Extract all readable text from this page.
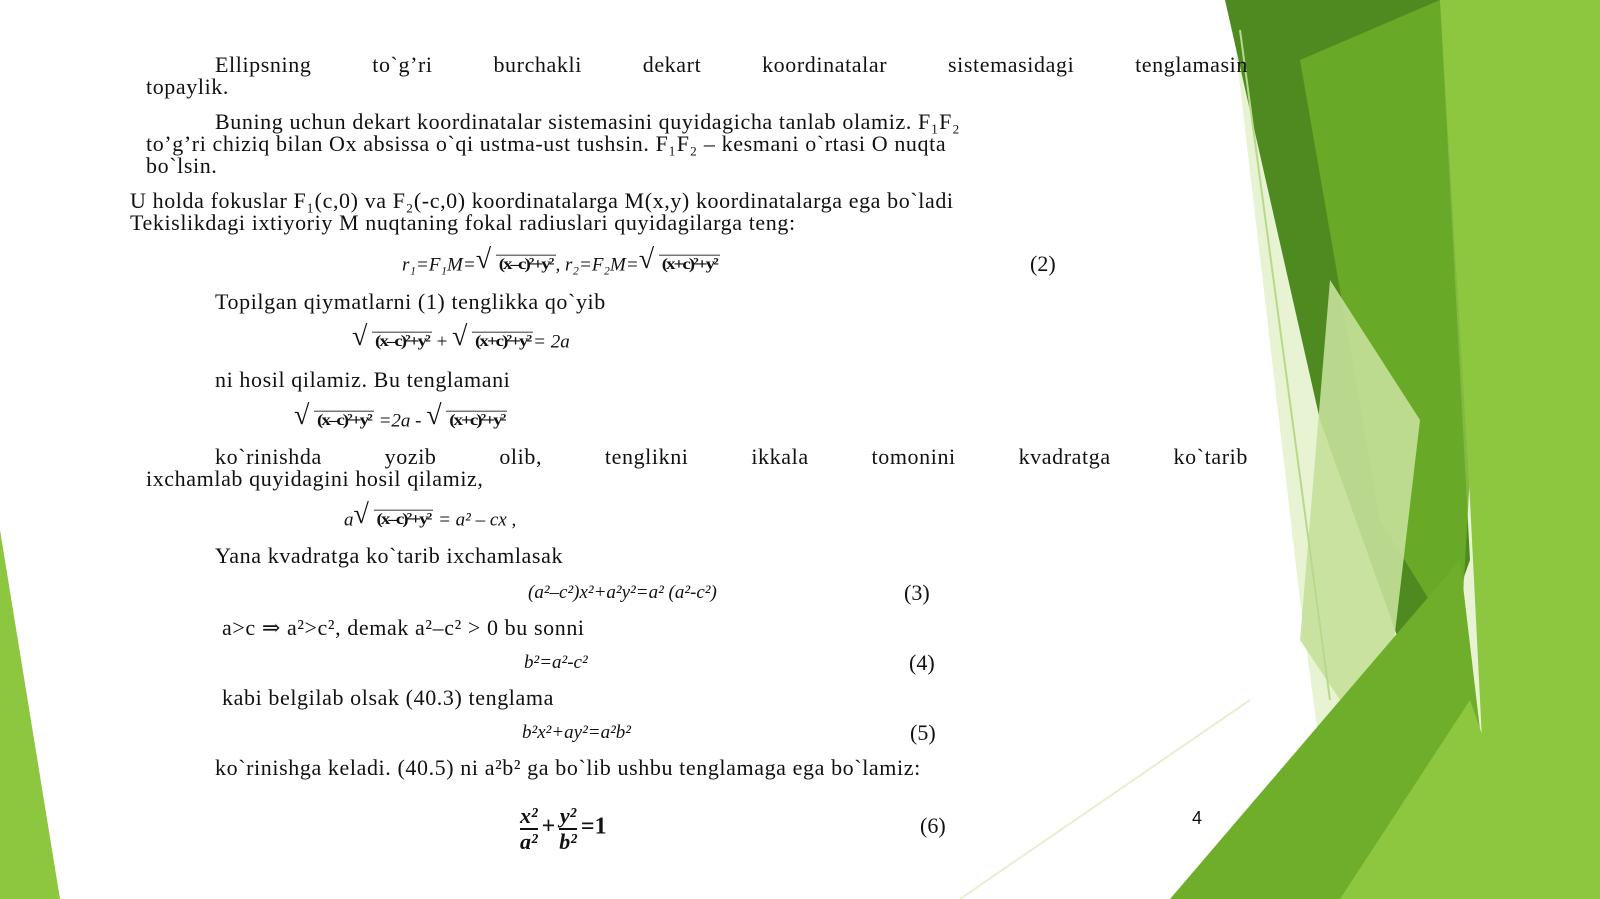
Ellipsning to`g’ri burchakli dekart koordinatalar sistemasidagi tenglamasin
topaylik.
Buning uchun dekart koordinatalar sistemasini quyidagicha tanlab olamiz. F₁F₂
to’g’ri chiziq bilan Ox absissa o`qi ustma-ust tushsin. F₁F₂ – kesmani o`rtasi O nuqta
bo`lsin.
U holda fokuslar F₁(c,0) va F₂(-c,0) koordinatalarga M(x,y) koordinatalarga ega bo`ladi
Tekislikdagi ixtiyoriy M nuqtaning fokal radiuslari quyidagilarga teng:
r₁=F₁M= √ (x–c)²+y² , r₂=F₂M= √ (x+c)²+y²	(2)
Topilgan qiymatlarni (1) tenglikka qo`yib
√ (x–c)²+y² + √ (x+c)²+y² = 2a
ni hosil qilamiz. Bu tenglamani
√ (x–c)²+y² =2a - √ (x+c)²+y²
ko`rinishda yozib olib, tenglikni ikkala tomonini kvadratga ko`tarib
ixchamlab quyidagini hosil qilamiz,
a √ (x–c)²+y² = a² – cx ,
Yana kvadratga ko`tarib ixchamlasak
(a²–c²)x²+a²y²=a² (a²-c²)	(3)
a>c ⇒ a²>c², demak a²–c² > 0 bu sonni
b²=a²-c²	(4)
kabi belgilab olsak (40.3) tenglama
b²x²+ay²=a²b²	(5)
ko`rinishga keladi. (40.5) ni a²b² ga bo`lib ushbu tenglamaga ega bo`lamiz:
$\frac{\text{x²}}{\text{a²}} + \frac{\text{y²}}{\text{b²}} =1$	(6)	4
